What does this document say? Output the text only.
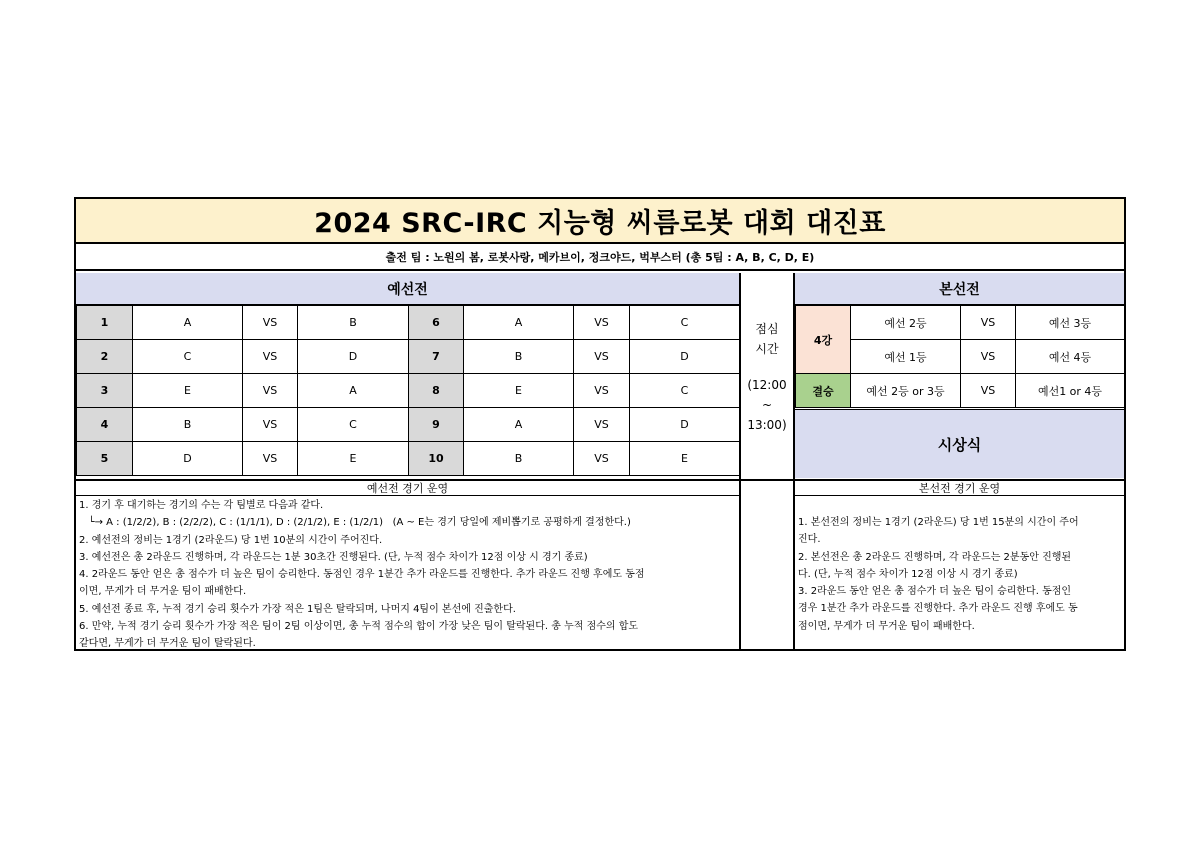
2024 SRC-IRC 지능형 씨름로봇 대회 대진표
출전 팀 : 노원의 봄, 로봇사랑, 메카브이, 정크야드, 벅부스터 (총 5팀 : A, B, C, D, E)
예선전
1	A	VS	B	6	A	VS	C
2	C	VS	D	7	B	VS	D
3	E	VS	A	8	E	VS	C
4	B	VS	C	9	A	VS	D
5	D	VS	E	10	B	VS	E
점심
시간
(12:00
~
13:00)
본선전
4강	예선 2등	VS	예선 3등
	예선 1등	VS	예선 4등
결승	예선 2등 or 3등	VS	예선1 or 4등
시상식
예선전 경기 운영	본선전 경기 운영
1. 경기 후 대기하는 경기의 수는 각 팀별로 다음과 같다.
└→ A : (1/2/2), B : (2/2/2), C : (1/1/1), D : (2/1/2), E : (1/2/1)   (A ~ E는 경기 당일에 제비뽑기로 공평하게 결정한다.)
2. 예선전의 정비는 1경기 (2라운드) 당 1번 10분의 시간이 주어진다.
3. 예선전은 총 2라운드 진행하며, 각 라운드는 1분 30초간 진행된다. (단, 누적 점수 차이가 12점 이상 시 경기 종료)
4. 2라운드 동안 얻은 총 점수가 더 높은 팀이 승리한다. 동점인 경우 1분간 추가 라운드를 진행한다. 추가 라운드 진행 후에도 동점
이면, 무게가 더 무거운 팀이 패배한다.
5. 예선전 종료 후, 누적 경기 승리 횟수가 가장 적은 1팀은 탈락되며, 나머지 4팀이 본선에 진출한다.
6. 만약, 누적 경기 승리 횟수가 가장 적은 팀이 2팀 이상이면, 총 누적 점수의 합이 가장 낮은 팀이 탈락된다. 총 누적 점수의 합도
같다면, 무게가 더 무거운 팀이 탈락된다.
1. 본선전의 정비는 1경기 (2라운드) 당 1번 15분의 시간이 주어
진다.
2. 본선전은 총 2라운드 진행하며, 각 라운드는 2분동안 진행된
다. (단, 누적 점수 차이가 12점 이상 시 경기 종료)
3. 2라운드 동안 얻은 총 점수가 더 높은 팀이 승리한다. 동점인
경우 1분간 추가 라운드를 진행한다. 추가 라운드 진행 후에도 동
점이면, 무게가 더 무거운 팀이 패배한다.
